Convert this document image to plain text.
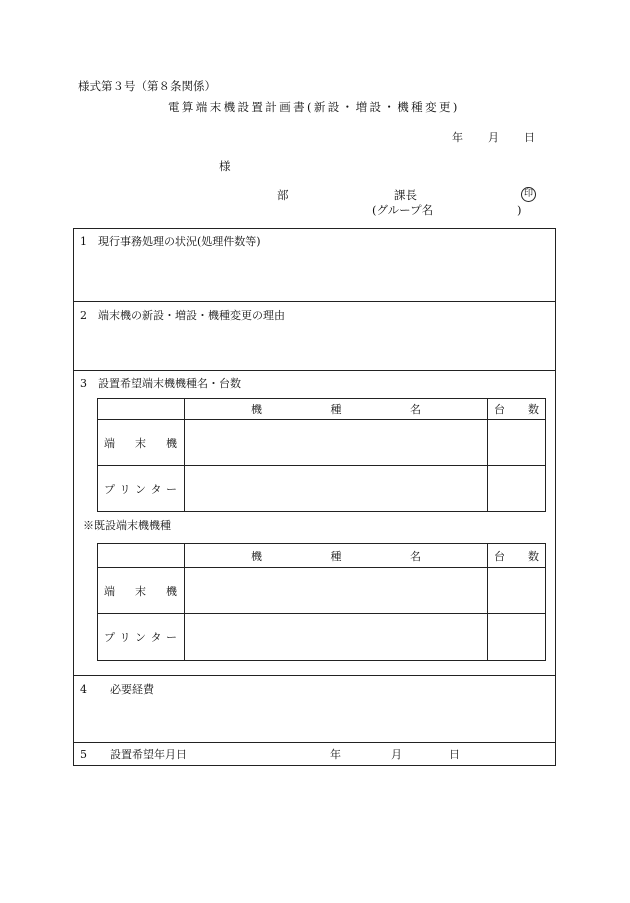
様式第３号（第８条関係）
電算端末機設置計画書(新設・増設・機種変更)
年 月 日
様
部	課長	印
(グループ名	)
1 現行事務処理の状況(処理件数等)
2 端末機の新設・増設・機種変更の理由
3 設置希望端末機機種名・台数

	機 種 名	台 数

端 末 機		

プ リ ン タ ー		

※既設端末機機種

	機 種 名	台 数

端 末 機		

プ リ ン タ ー		

4 必要経費
5 設置希望年月日	年	月	日
